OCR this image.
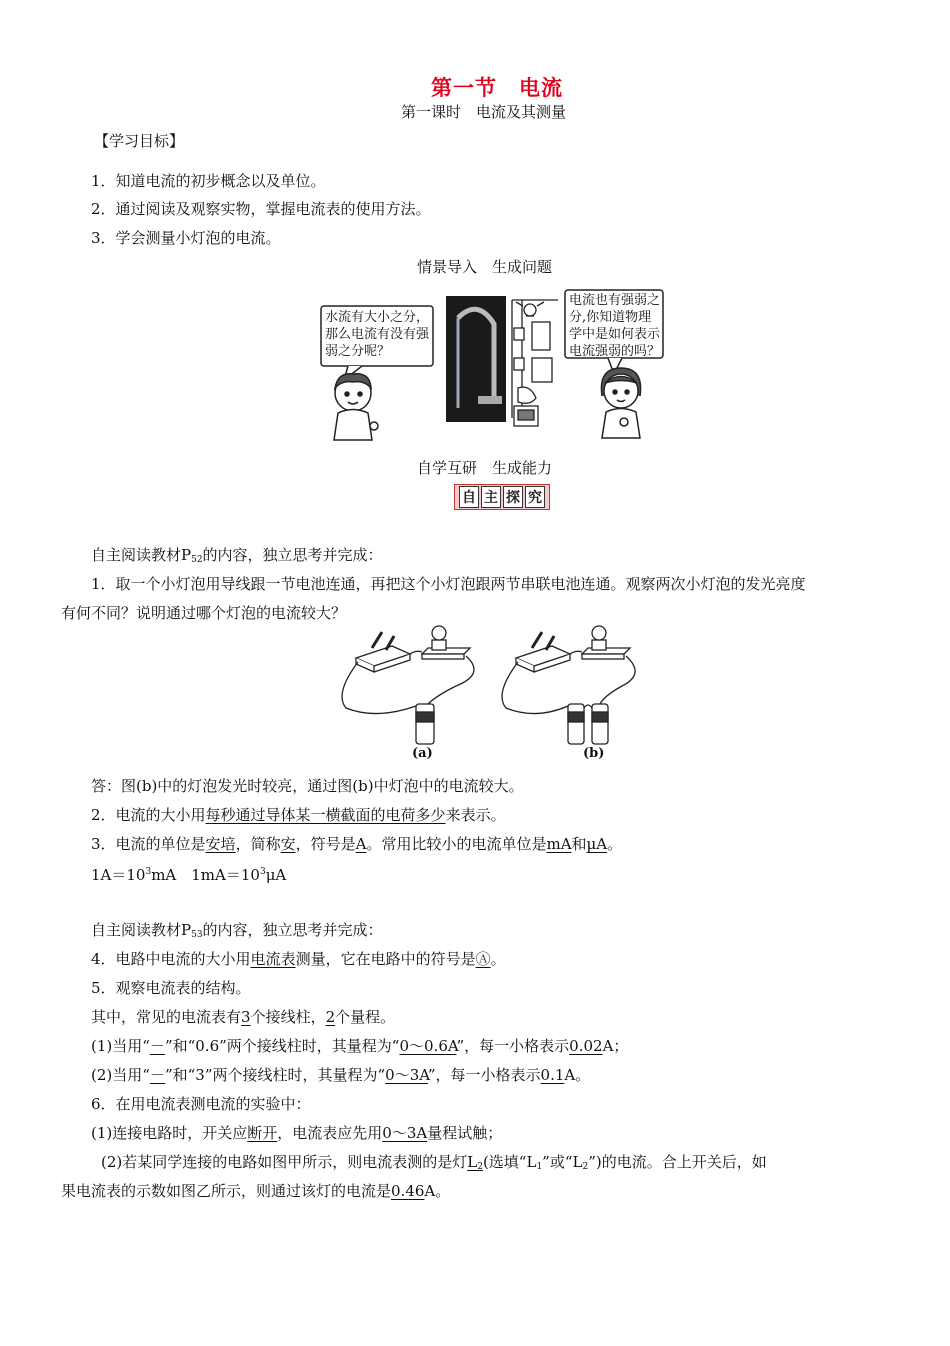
第一节　电流
第一课时　电流及其测量
【学习目标】
1．知道电流的初步概念以及单位。
2．通过阅读及观察实物，掌握电流表的使用方法。
3．学会测量小灯泡的电流。
情景导入　生成问题
水流有大小之分，
那么电流有没有强
弱之分呢？
电流也有强弱之
分,你知道物理
学中是如何表示
电流强弱的吗？
自学互研　生成能力
自 主 探 究
自主阅读教材$P_{52}$的内容，独立思考并完成：
1．取一个小灯泡用导线跟一节电池连通，再把这个小灯泡跟两节串联电池连通。观察两次小灯泡的发光亮度
有何不同？说明通过哪个灯泡的电流较大？
(a)	(b)
答：图(b)中的灯泡发光时较亮，通过图(b)中灯泡中的电流较大。
2．电流的大小用每秒通过导体某一横截面的电荷多少来表示。
3．电流的单位是安培，简称安，符号是A。常用比较小的电流单位是mA和μA。
$1A=10^3mA$　$1mA=10^3\mu A$
自主阅读教材$P_{53}$的内容，独立思考并完成：
4．电路中电流的大小用电流表测量，它在电路中的符号是Ⓐ。
5．观察电流表的结构。
其中，常见的电流表有3个接线柱，2个量程。
(1)当用“－”和“0.6”两个接线柱时，其量程为“0～0.6A”，每一小格表示0.02A；
(2)当用“－”和“3”两个接线柱时，其量程为“0～3A”，每一小格表示0.1A。
6．在用电流表测电流的实验中：
(1)连接电路时，开关应断开，电流表应先用0～3A量程试触；
(2)若某同学连接的电路如图甲所示，则电流表测的是灯$L_2$(选填“$L_1$”或“$L_2$”)的电流。合上开关后，如
果电流表的示数如图乙所示，则通过该灯的电流是0.46A。
